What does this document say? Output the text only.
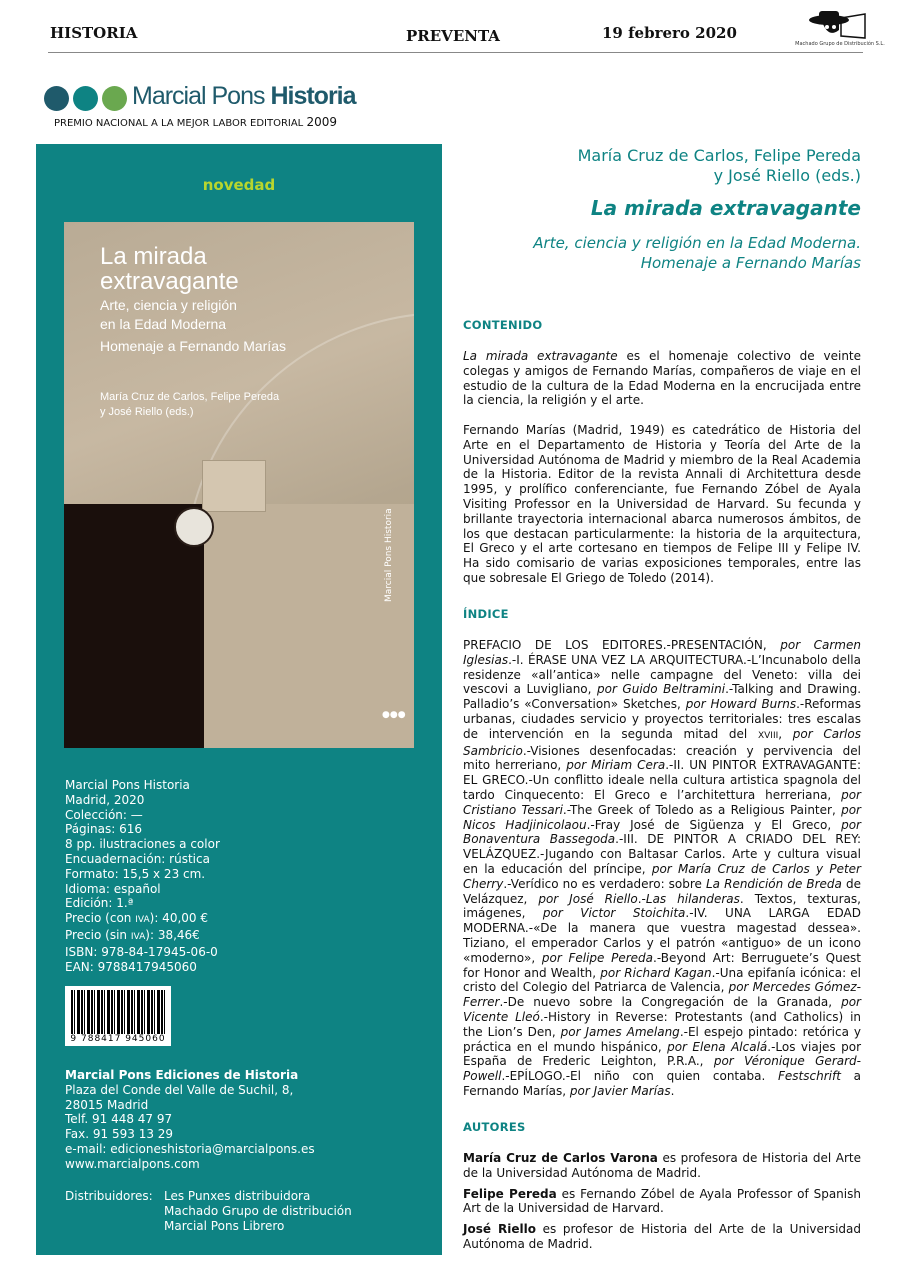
HISTORIA	PREVENTA	19 febrero 2020
Machado Grupo de Distribución S.L.
Marcial Pons Historia
PREMIO NACIONAL A LA MEJOR LABOR EDITORIAL 2009
novedad
La mirada
extravagante
Arte, ciencia y religión
en la Edad Moderna
Homenaje a Fernando Marías
María Cruz de Carlos, Felipe Pereda
y José Riello (eds.)
Marcial Pons Historia
●●●
Marcial Pons Historia
Madrid, 2020
Colección: —
Páginas: 616
8 pp. ilustraciones a color
Encuadernación: rústica
Formato: 15,5 x 23 cm.
Idioma: español
Edición: 1.ª
Precio (con IVA): 40,00 €
Precio (sin IVA): 38,46€
ISBN: 978-84-17945-06-0
EAN: 9788417945060
9 788417 945060
Marcial Pons Ediciones de Historia
Plaza del Conde del Valle de Suchil, 8,
28015 Madrid
Telf. 91 448 47 97
Fax. 91 593 13 29
e-mail: edicioneshistoria@marcialpons.es
www.marcialpons.com
Distribuidores: Les Punxes distribuidora
Machado Grupo de distribución
Marcial Pons Librero
María Cruz de Carlos, Felipe Pereda
y José Riello (eds.)
La mirada extravagante
Arte, ciencia y religión en la Edad Moderna.
Homenaje a Fernando Marías
CONTENIDO

La mirada extravagante es el homenaje colectivo de veinte colegas y amigos de Fernando Marías, compañeros de viaje en el estudio de la cultura de la Edad Moderna en la encrucijada entre la ciencia, la religión y el arte.

Fernando Marías (Madrid, 1949) es catedrático de Historia del Arte en el Departamento de Historia y Teoría del Arte de la Universidad Autónoma de Madrid y miembro de la Real Academia de la Historia. Editor de la revista Annali di Architettura desde 1995, y prolífico conferenciante, fue Fernando Zóbel de Ayala Visiting Professor en la Universidad de Harvard. Su fecunda y brillante trayectoria internacional abarca numerosos ámbitos, de los que destacan particularmente: la historia de la arquitectura, El Greco y el arte cortesano en tiempos de Felipe III y Felipe IV. Ha sido comisario de varias exposiciones temporales, entre las que sobresale El Griego de Toledo (2014).

ÍNDICE

PREFACIO DE LOS EDITORES.-PRESENTACIÓN, por Carmen Iglesias.-I. ÉRASE UNA VEZ LA ARQUITECTURA.-L’Incunabolo della residenze «all’antica» nelle campagne del Veneto: villa dei vescovi a Luvigliano, por Guido Beltramini.-Talking and Drawing. Palladio’s «Conversation» Sketches, por Howard Burns.-Reformas urbanas, ciudades servicio y proyectos territoriales: tres escalas de intervención en la segunda mitad del XVIII, por Carlos Sambricio.-Visiones desenfocadas: creación y pervivencia del mito herreriano, por Miriam Cera.-II. UN PINTOR EXTRAVAGANTE: EL GRECO.-Un conflitto ideale nella cultura artistica spagnola del tardo Cinquecento: El Greco e l’architettura herreriana, por Cristiano Tessari.-The Greek of Toledo as a Religious Painter, por Nicos Hadjinicolaou.-Fray José de Sigüenza y El Greco, por Bonaventura Bassegoda.-III. DE PINTOR A CRIADO DEL REY: VELÁZQUEZ.-Jugando con Baltasar Carlos. Arte y cultura visual en la educación del príncipe, por María Cruz de Carlos y Peter Cherry.-Verídico no es verdadero: sobre La Rendición de Breda de Velázquez, por José Riello.-Las hilanderas. Textos, texturas, imágenes, por Victor Stoichita.-IV. UNA LARGA EDAD MODERNA.-«De la manera que vuestra magestad dessea». Tiziano, el emperador Carlos y el patrón «antiguo» de un icono «moderno», por Felipe Pereda.-Beyond Art: Berruguete’s Quest for Honor and Wealth, por Richard Kagan.-Una epifanía icónica: el cristo del Colegio del Patriarca de Valencia, por Mercedes Gómez-Ferrer.-De nuevo sobre la Congregación de la Granada, por Vicente Lleó.-History in Reverse: Protestants (and Catholics) in the Lion’s Den, por James Amelang.-El espejo pintado: retórica y práctica en el mundo hispánico, por Elena Alcalá.-Los viajes por España de Frederic Leighton, P.R.A., por Véronique Gerard-Powell.-EPÍLOGO.-El niño con quien contaba. Festschrift a Fernando Marías, por Javier Marías.

AUTORES

María Cruz de Carlos Varona es profesora de Historia del Arte de la Universidad Autónoma de Madrid.

Felipe Pereda es Fernando Zóbel de Ayala Professor of Spanish Art de la Universidad de Harvard.

José Riello es profesor de Historia del Arte de la Universidad Autónoma de Madrid.
